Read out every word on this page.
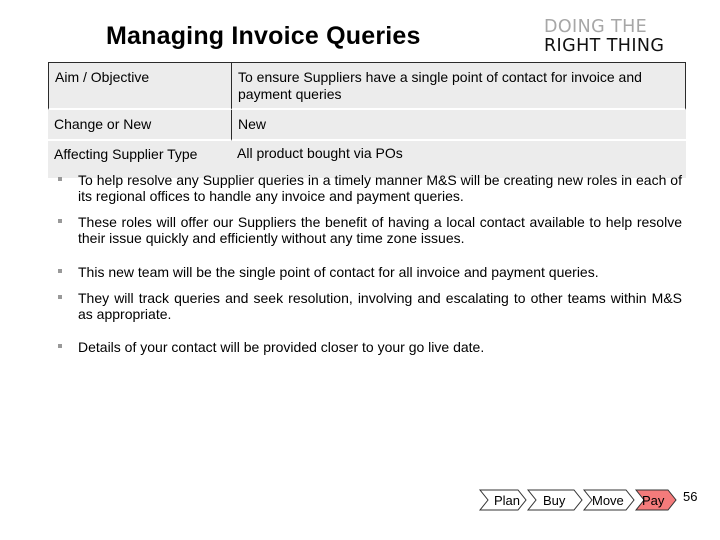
Managing Invoice Queries	DOING THE
RIGHT THING
Aim / Objective	To ensure Suppliers have a single point of contact for invoice and payment queries
Change or New	New
Affecting Supplier Type	All product bought via POs
To help resolve any Supplier queries in a timely manner M&S will be creating new roles in each of its regional offices to handle any invoice and payment queries.
These roles will offer our Suppliers the benefit of having a local contact available to help resolve their issue quickly and efficiently without any time zone issues.
This new team will be the single point of contact for all invoice and payment queries.
They will track queries and seek resolution, involving and escalating to other teams within M&S as appropriate.
Details of your contact will be provided closer to your go live date.
Plan Buy Move Pay 56
